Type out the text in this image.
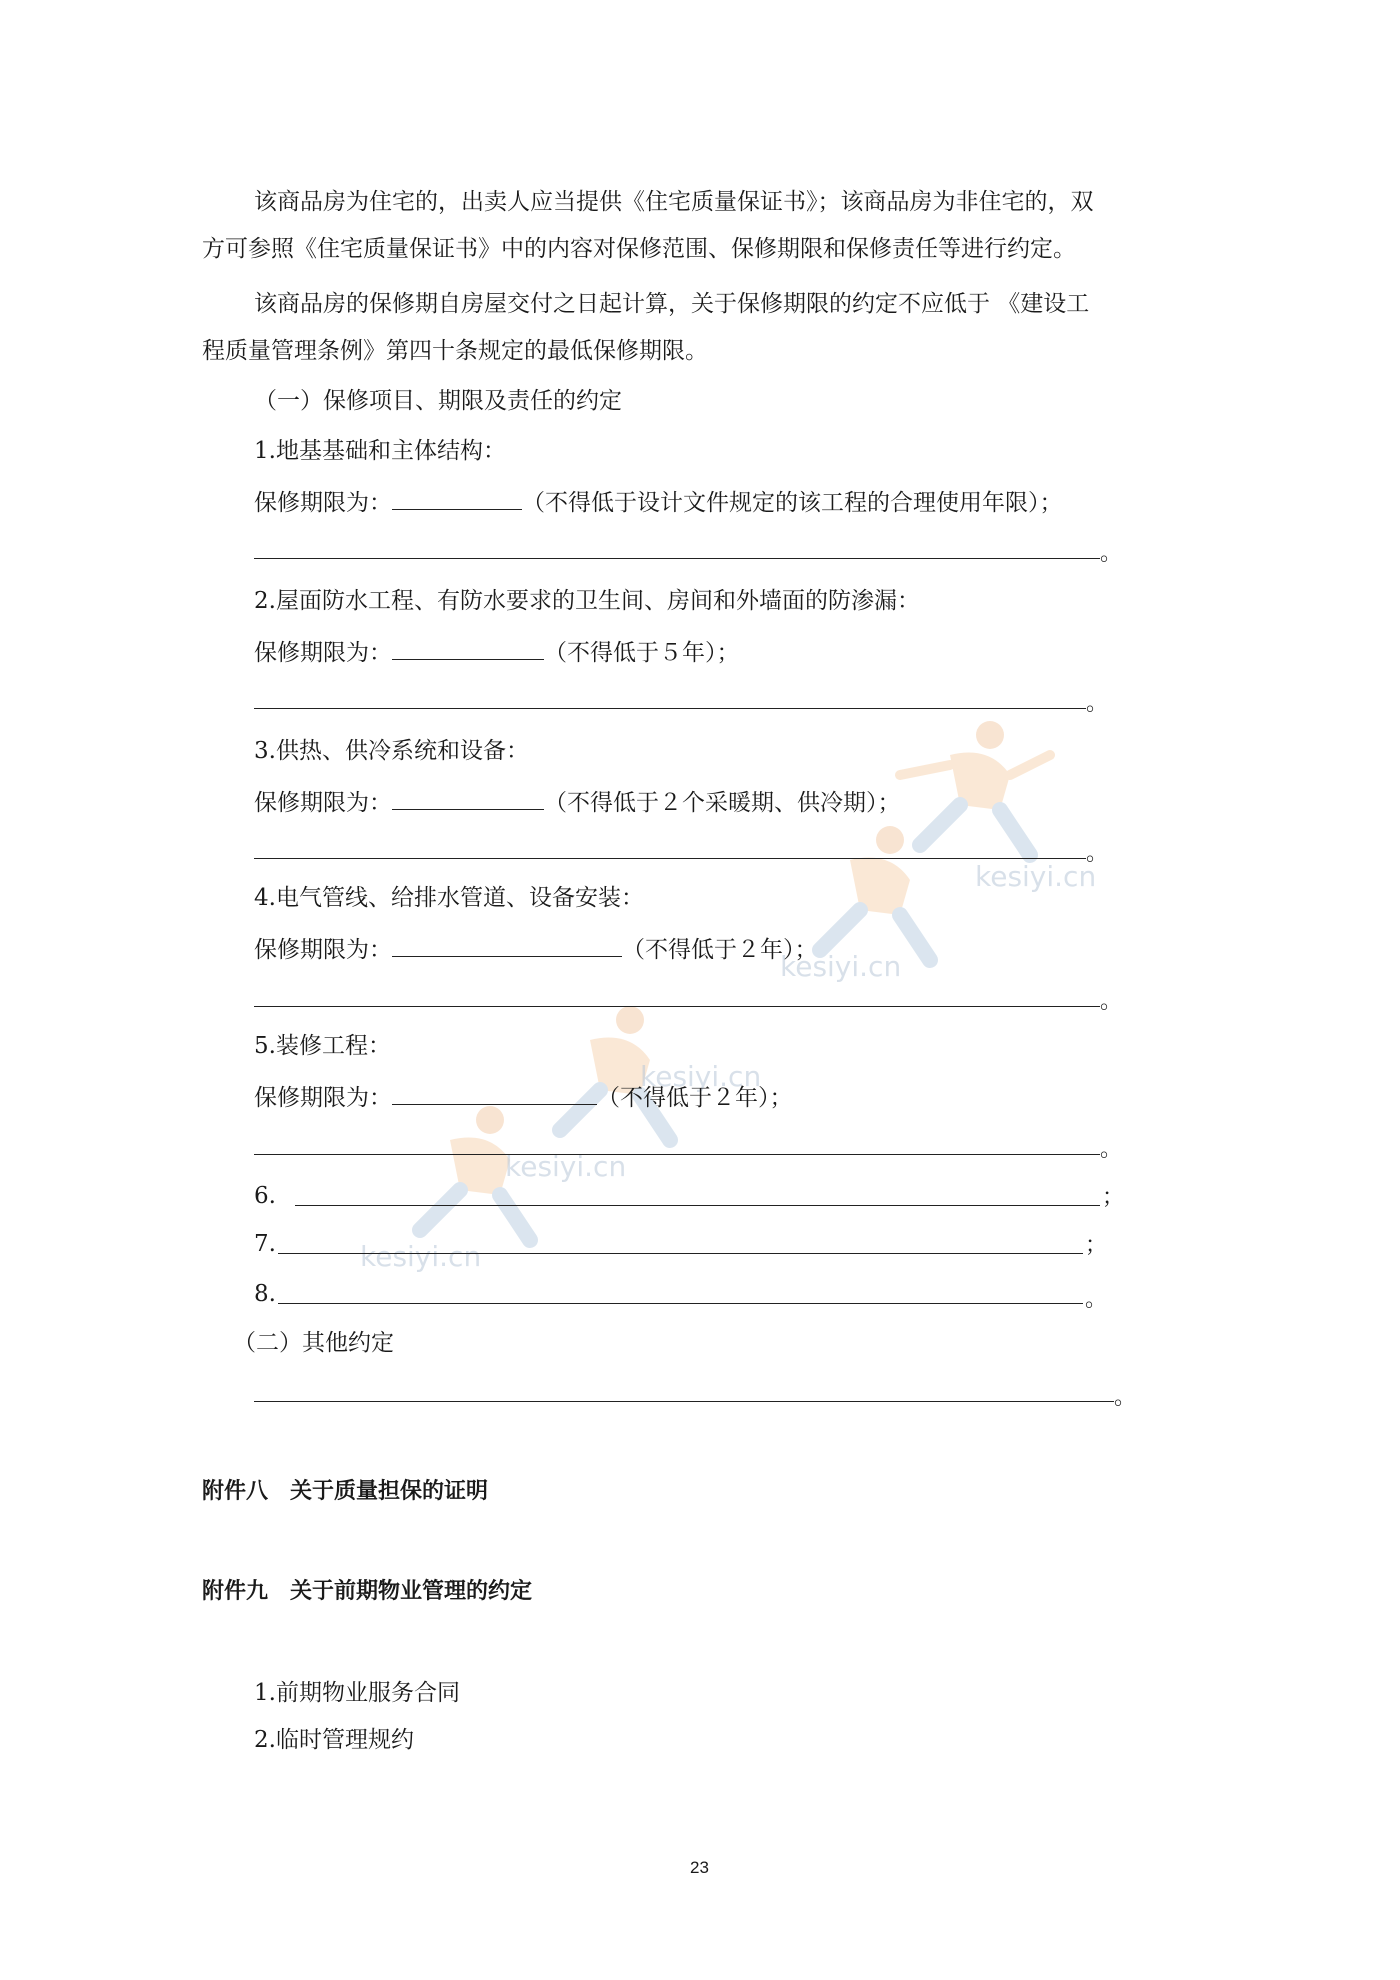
kesiyi.cn
kesiyi.cn
kesiyi.cn
kesiyi.cn
kesiyi.cn
该商品房为住宅的，出卖人应当提供《住宅质量保证书》；该商品房为非住宅的，双
方可参照《住宅质量保证书》中的内容对保修范围、保修期限和保修责任等进行约定。
该商品房的保修期自房屋交付之日起计算，关于保修期限的约定不应低于 《建设工
程质量管理条例》第四十条规定的最低保修期限。
（一）保修项目、期限及责任的约定
1.地基基础和主体结构：
保修期限为：	（不得低于设计文件规定的该工程的合理使用年限）；
。
2.屋面防水工程、有防水要求的卫生间、房间和外墙面的防渗漏：
保修期限为：	（不得低于５年）；
。
3.供热、供冷系统和设备：
保修期限为：	（不得低于２个采暖期、供冷期）；
。
4.电气管线、给排水管道、设备安装：
保修期限为：	（不得低于２年）；
。
5.装修工程：
保修期限为：	（不得低于２年）；
。
6.	；
7.	；
8.	。
（二）其他约定
。
附件八　关于质量担保的证明
附件九　关于前期物业管理的约定
1.前期物业服务合同
2.临时管理规约
23
